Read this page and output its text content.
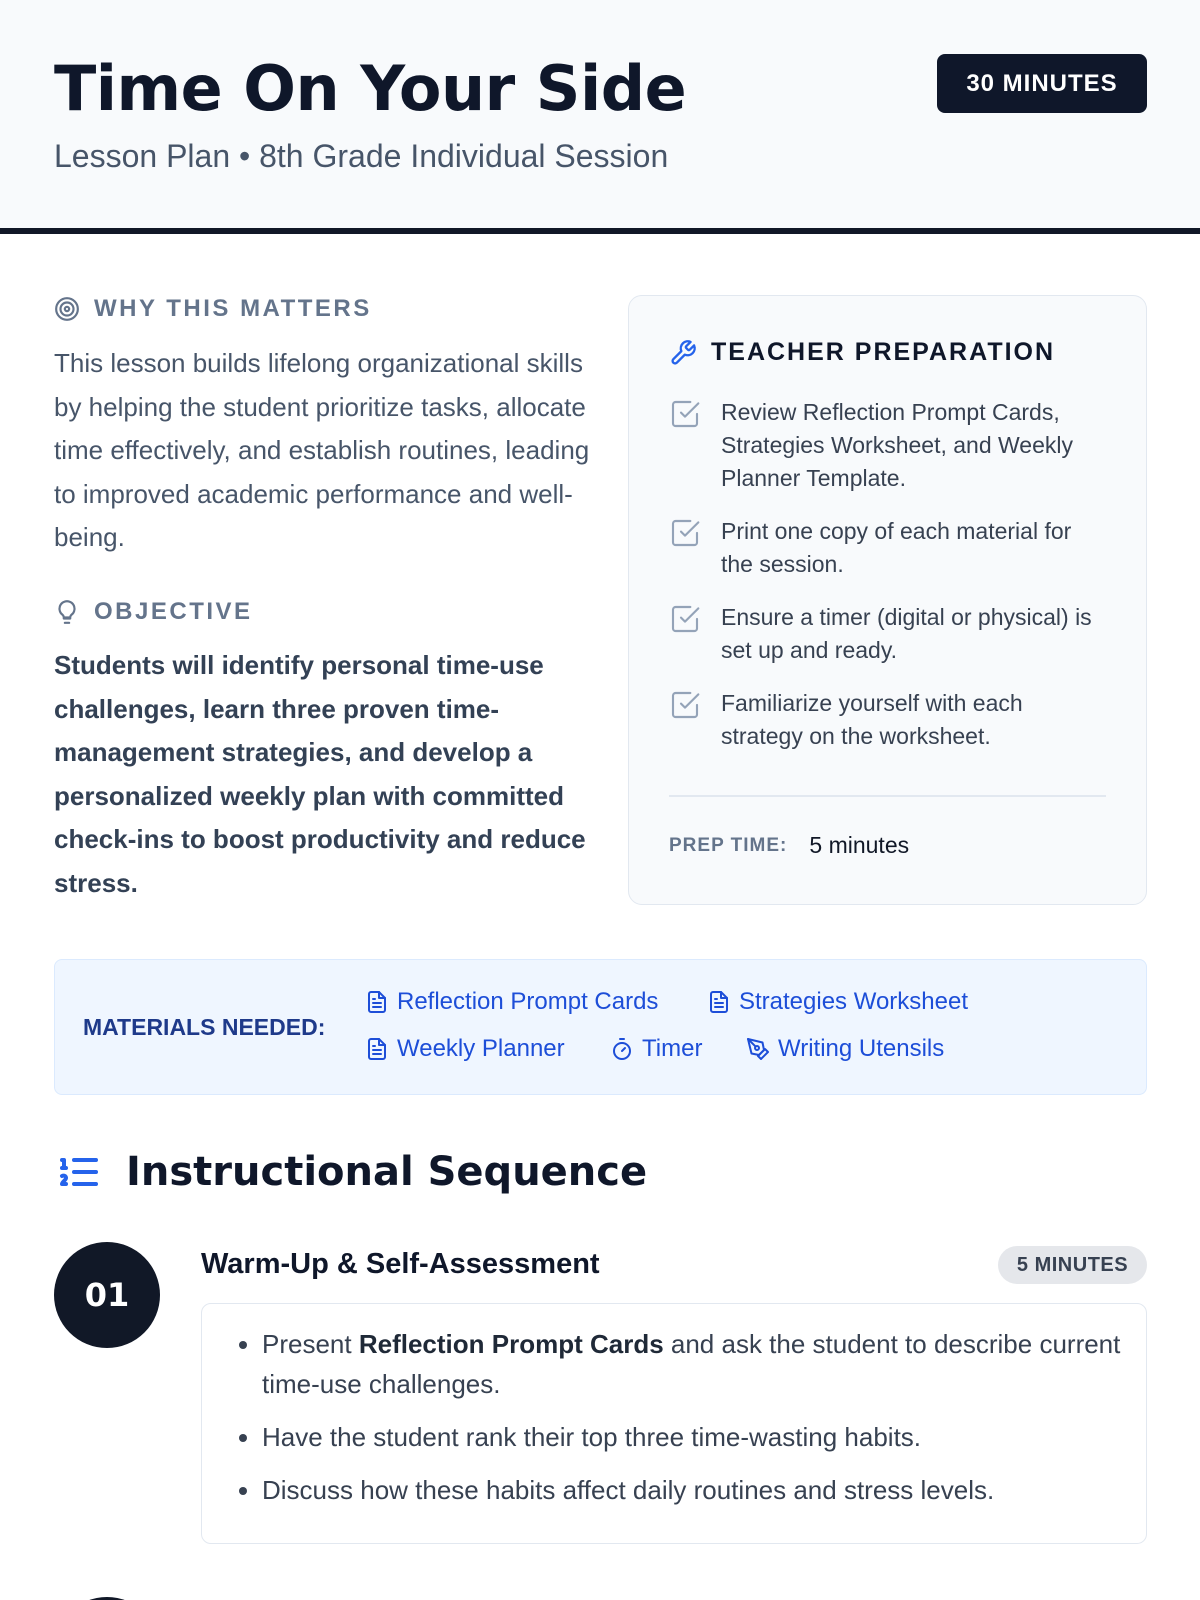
Time On Your Side
Lesson Plan • 8th Grade Individual Session
30 MINUTES
WHY THIS MATTERS

This lesson builds lifelong organizational skills by helping the student prioritize tasks, allocate time effectively, and establish routines, leading to improved academic performance and well-being.

OBJECTIVE

Students will identify personal time-use challenges, learn three proven time-management strategies, and develop a personalized weekly plan with committed check-ins to boost productivity and reduce stress.

TEACHER PREPARATION
Review Reflection Prompt Cards, Strategies Worksheet, and Weekly Planner Template.
Print one copy of each material for the session.
Ensure a timer (digital or physical) is set up and ready.
Familiarize yourself with each strategy on the worksheet.
PREP TIME: 5 minutes
MATERIALS NEEDED:
Reflection Prompt Cards	Strategies Worksheet
Weekly Planner	Timer	Writing Utensils
Instructional Sequence
01
Warm-Up & Self-Assessment	5 MINUTES
• Present Reflection Prompt Cards and ask the student to describe current time-use challenges.
• Have the student rank their top three time-wasting habits.
• Discuss how these habits affect daily routines and stress levels.
